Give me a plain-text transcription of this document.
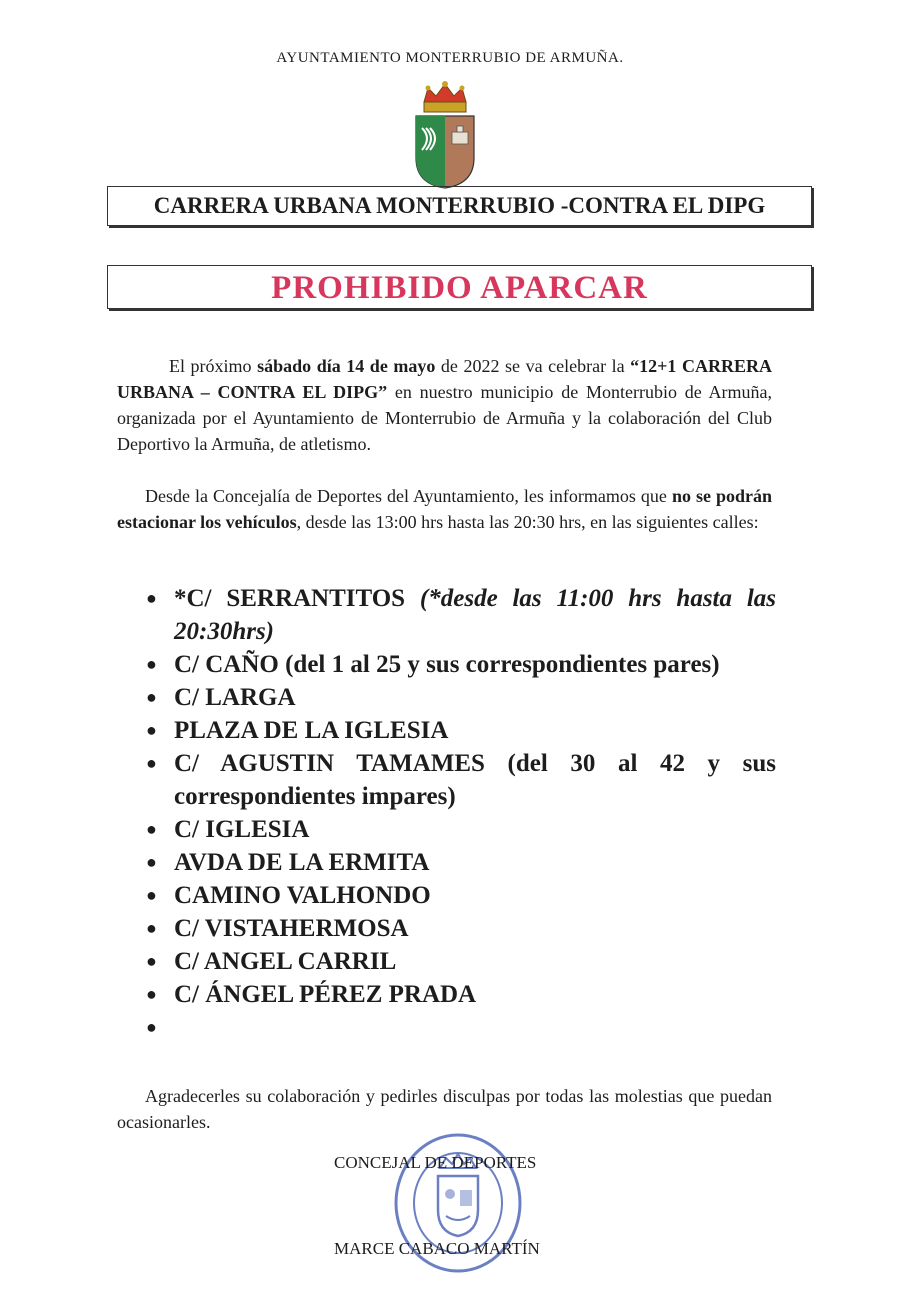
AYUNTAMIENTO MONTERRUBIO DE ARMUÑA.
CARRERA URBANA MONTERRUBIO -CONTRA EL DIPG
PROHIBIDO APARCAR

El próximo sábado día 14 de mayo de 2022 se va celebrar la “12+1 CARRERA URBANA – CONTRA EL DIPG” en nuestro municipio de Monterrubio de Armuña, organizada por el Ayuntamiento de Monterrubio de Armuña y la colaboración del Club Deportivo la Armuña, de atletismo.

Desde la Concejalía de Deportes del Ayuntamiento, les informamos que no se podrán estacionar los vehículos, desde las 13:00 hrs hasta las 20:30 hrs, en las siguientes calles:

● *C/ SERRANTITOS (*desde las 11:00 hrs hasta las 20:30hrs)
● C/ CAÑO (del 1 al 25 y sus correspondientes pares)
● C/ LARGA
● PLAZA DE LA IGLESIA
● C/ AGUSTIN TAMAMES (del 30 al 42 y sus correspondientes impares)
● C/ IGLESIA
● AVDA DE LA ERMITA
● CAMINO VALHONDO
● C/ VISTAHERMOSA
● C/ ANGEL CARRIL
● C/ ÁNGEL PÉREZ PRADA
●

Agradecerles su colaboración y pedirles disculpas por todas las molestias que puedan ocasionarles.

CONCEJAL DE DEPORTES
MARCE CABACO MARTÍN
